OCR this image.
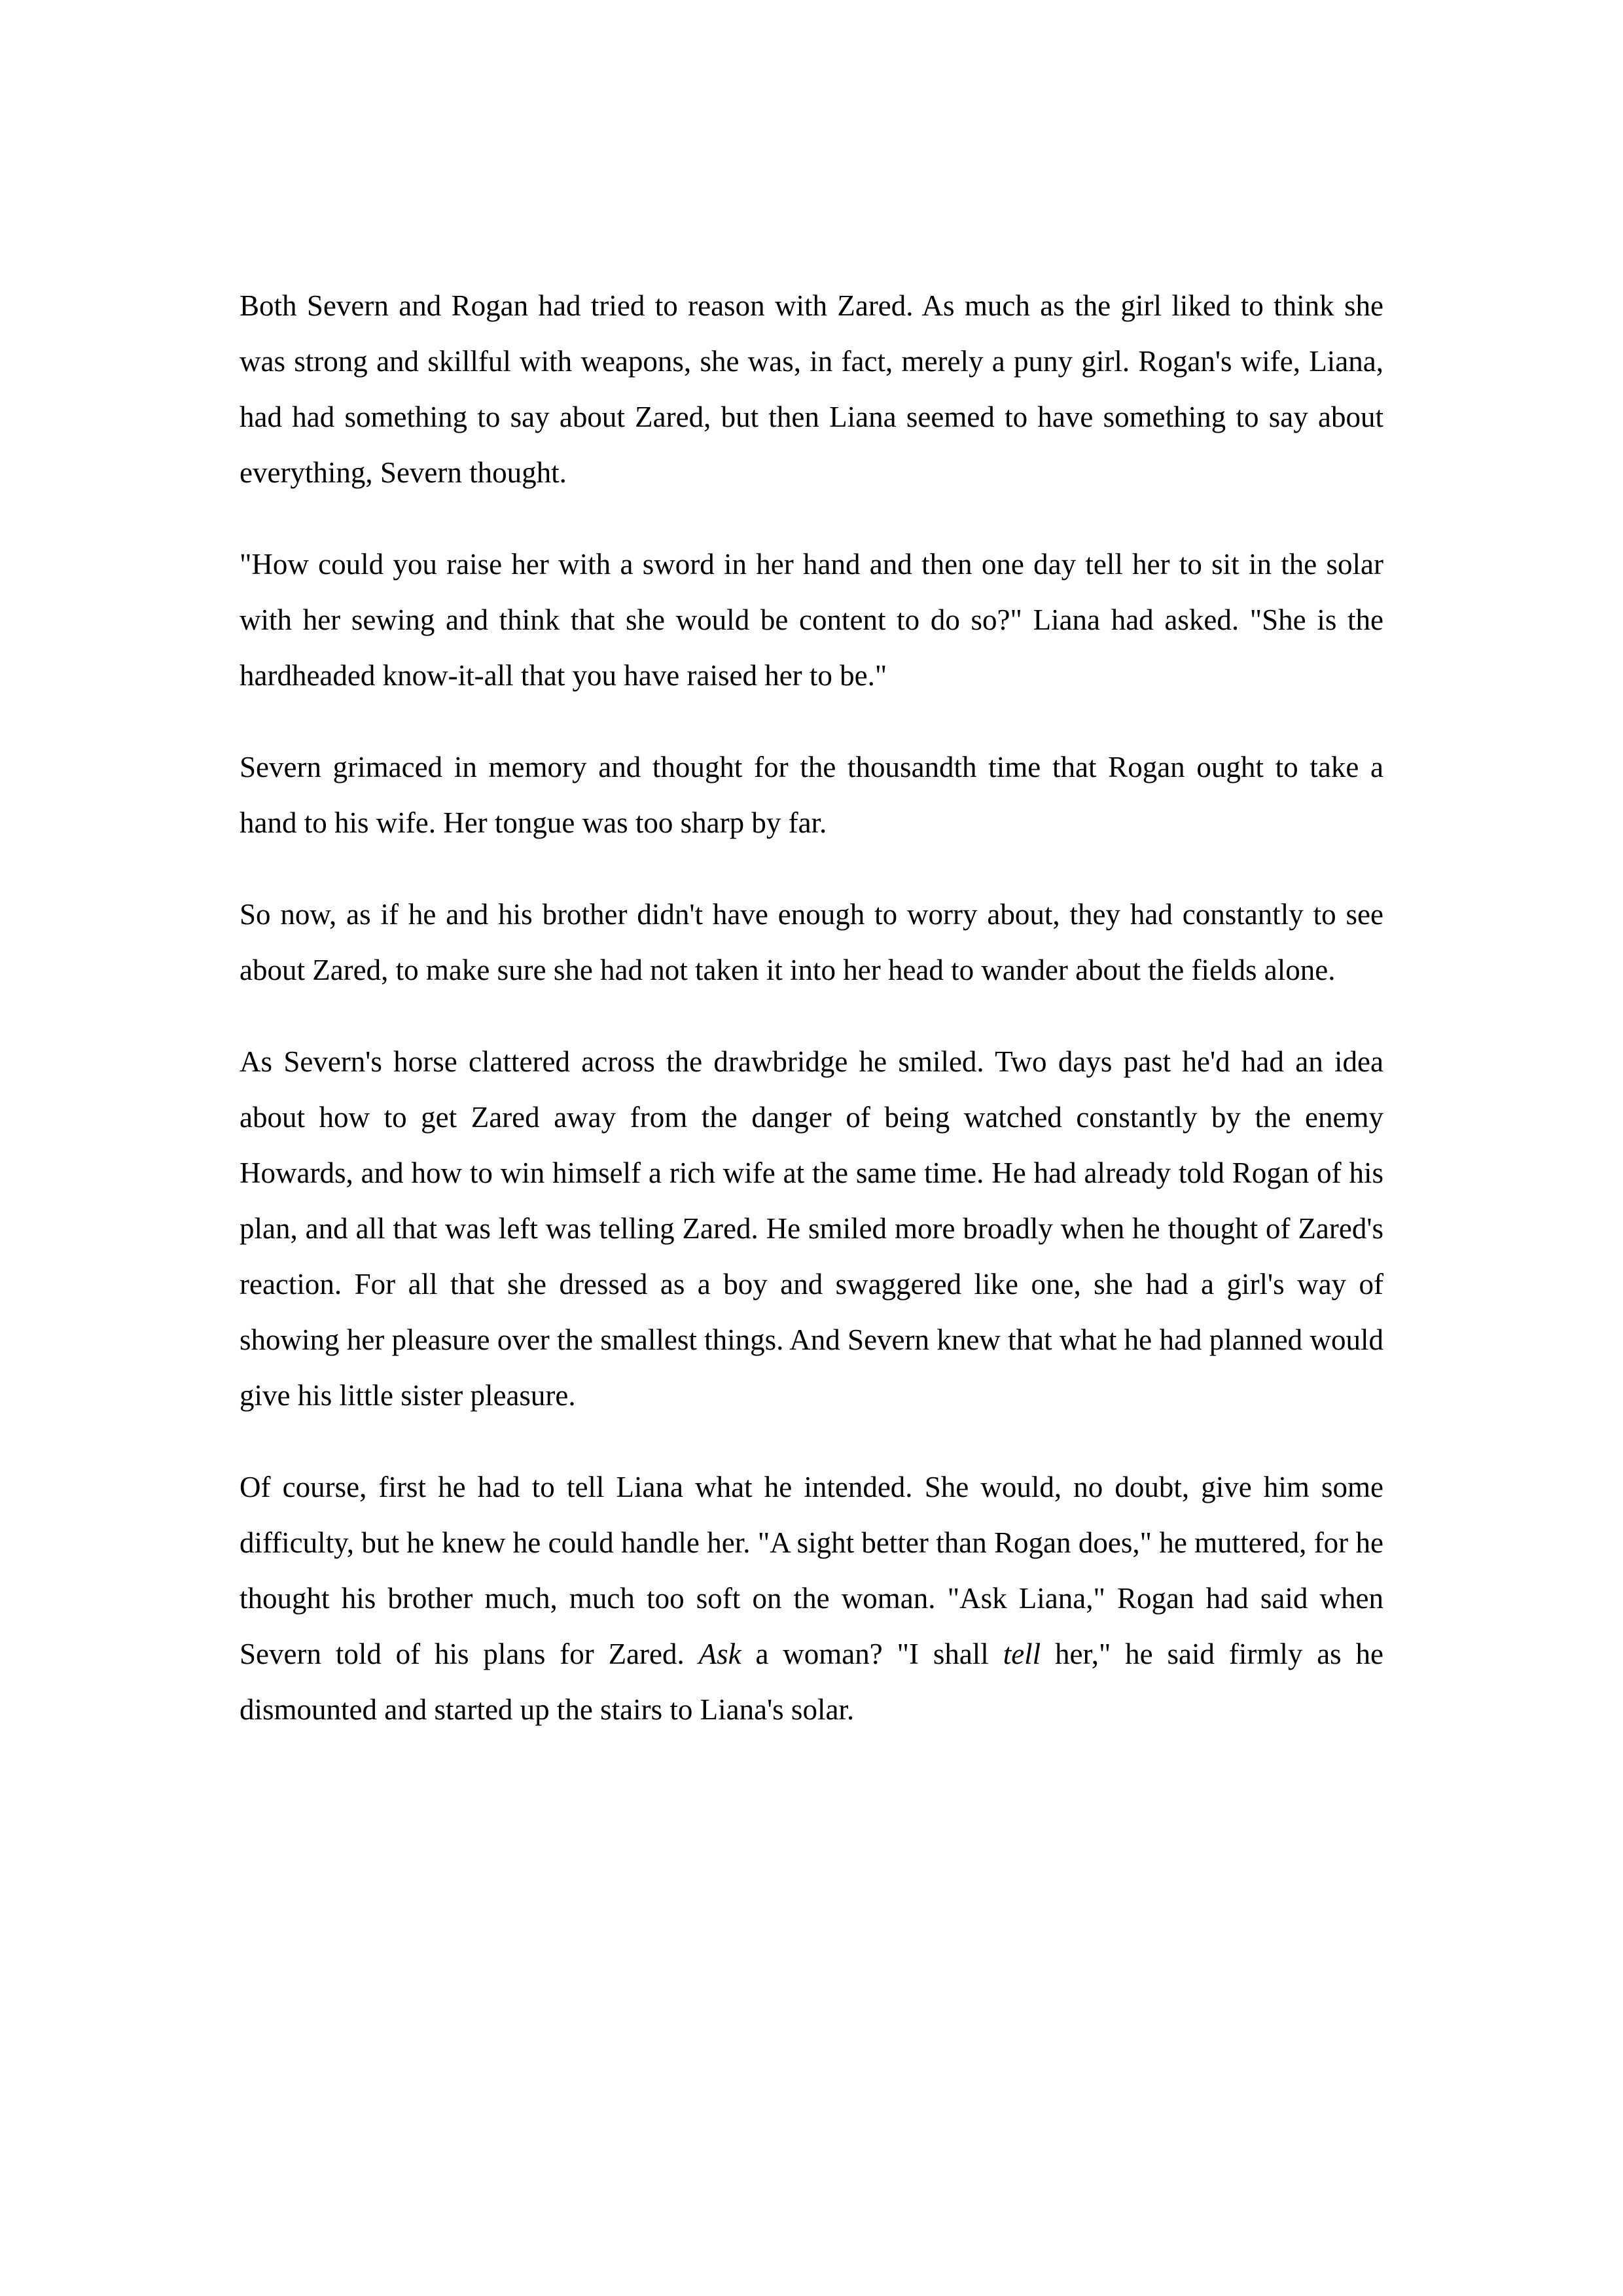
Both Severn and Rogan had tried to reason with Zared. As much as the girl liked to think she was strong and skillful with weapons, she was, in fact, merely a puny girl. Rogan's wife, Liana, had had something to say about Zared, but then Liana seemed to have something to say about everything, Severn thought.

"How could you raise her with a sword in her hand and then one day tell her to sit in the solar with her sewing and think that she would be content to do so?" Liana had asked. "She is the hardheaded know-it-all that you have raised her to be."

Severn grimaced in memory and thought for the thousandth time that Rogan ought to take a hand to his wife. Her tongue was too sharp by far.

So now, as if he and his brother didn't have enough to worry about, they had constantly to see about Zared, to make sure she had not taken it into her head to wander about the fields alone.

As Severn's horse clattered across the drawbridge he smiled. Two days past he'd had an idea about how to get Zared away from the danger of being watched constantly by the enemy Howards, and how to win himself a rich wife at the same time. He had already told Rogan of his plan, and all that was left was telling Zared. He smiled more broadly when he thought of Zared's reaction. For all that she dressed as a boy and swaggered like one, she had a girl's way of showing her pleasure over the smallest things. And Severn knew that what he had planned would give his little sister pleasure.

Of course, first he had to tell Liana what he intended. She would, no doubt, give him some difficulty, but he knew he could handle her. "A sight better than Rogan does," he muttered, for he thought his brother much, much too soft on the woman. "Ask Liana," Rogan had said when Severn told of his plans for Zared. Ask a woman? "I shall tell her," he said firmly as he dismounted and started up the stairs to Liana's solar.
